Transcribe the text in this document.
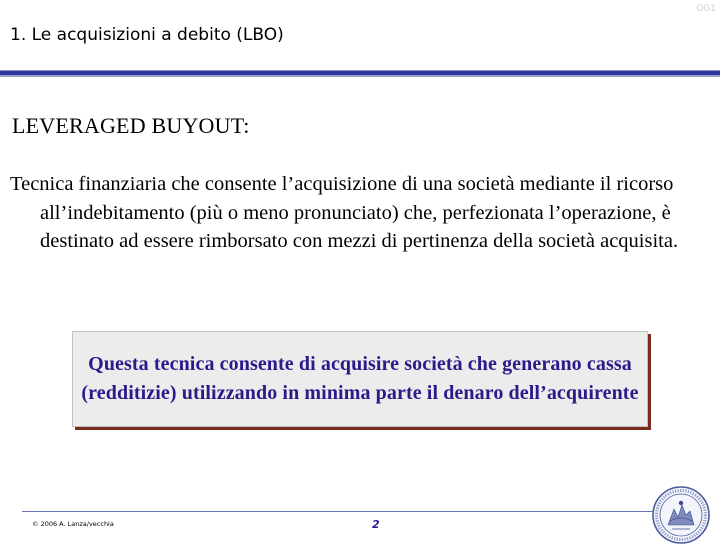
OG1
1. Le acquisizioni a debito (LBO)
LEVERAGED BUYOUT:
Tecnica finanziaria che consente l’acquisizione di una società mediante il ricorso all’indebitamento (più o meno pronunciato) che, perfezionata l’operazione, è destinato ad essere rimborsato con mezzi di pertinenza della società acquisita.
Questa tecnica consente di acquisire società che generano cassa (redditizie) utilizzando in minima parte il denaro dell’acquirente
© 2006 A. Lanza/vecchia	2
